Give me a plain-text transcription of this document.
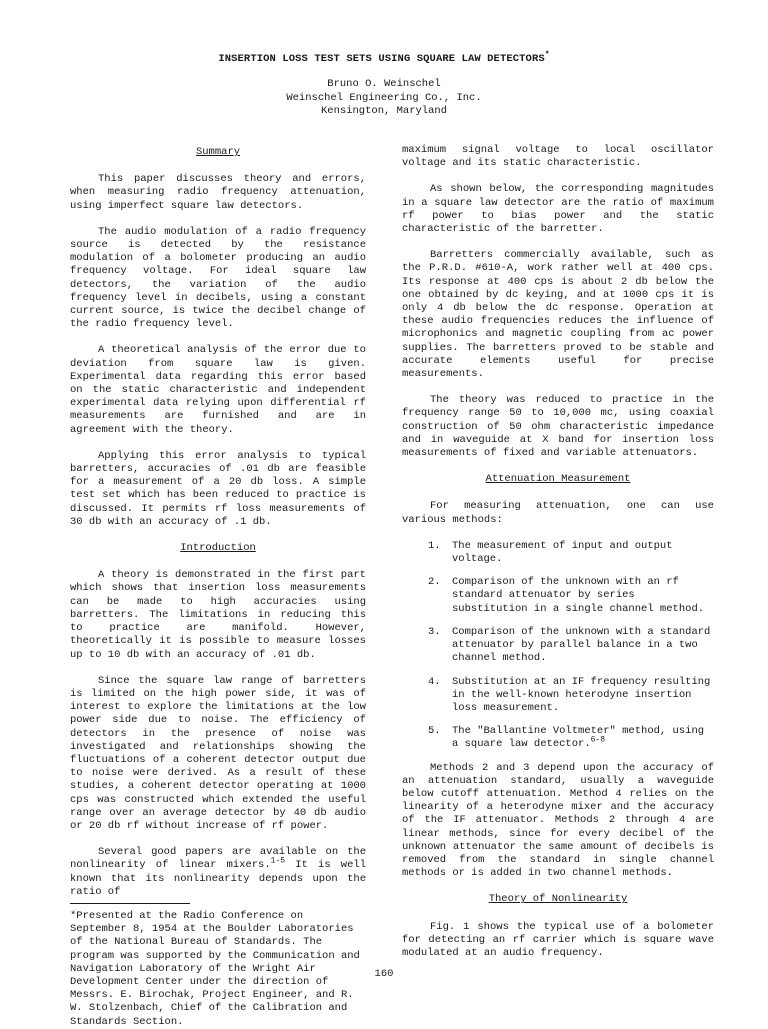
INSERTION LOSS TEST SETS USING SQUARE LAW DETECTORS*
Bruno O. Weinschel
Weinschel Engineering Co., Inc.
Kensington, Maryland
Summary

This paper discusses theory and errors, when measuring radio frequency attenuation, using imperfect square law detectors.

The audio modulation of a radio frequency source is detected by the resistance modulation of a bolometer producing an audio frequency voltage. For ideal square law detectors, the variation of the audio frequency level in decibels, using a constant current source, is twice the decibel change of the radio frequency level.

A theoretical analysis of the error due to deviation from square law is given. Experimental data regarding this error based on the static characteristic and independent experimental data relying upon differential rf measurements are furnished and are in agreement with the theory.

Applying this error analysis to typical barretters, accuracies of .01 db are feasible for a measurement of a 20 db loss. A simple test set which has been reduced to practice is discussed. It permits rf loss measurements of 30 db with an accuracy of .1 db.

Introduction

A theory is demonstrated in the first part which shows that insertion loss measurements can be made to high accuracies using barretters. The limitations in reducing this to practice are manifold. However, theoretically it is possible to measure losses up to 10 db with an accuracy of .01 db.

Since the square law range of barretters is limited on the high power side, it was of interest to explore the limitations at the low power side due to noise. The efficiency of detectors in the presence of noise was investigated and relationships showing the fluctuations of a coherent detector output due to noise were derived. As a result of these studies, a coherent detector operating at 1000 cps was constructed which extended the useful range over an average detector by 40 db audio or 20 db rf without increase of rf power.

Several good papers are available on the nonlinearity of linear mixers.$^{1-5}$ It is well known that its nonlinearity depends upon the ratio of

*Presented at the Radio Conference on September 8, 1954 at the Boulder Laboratories of the National Bureau of Standards. The program was supported by the Communication and Navigation Laboratory of the Wright Air Development Center under the direction of Messrs. E. Birochak, Project Engineer, and R. W. Stolzenbach, Chief of the Calibration and Standards Section.

maximum signal voltage to local oscillator voltage and its static characteristic.

As shown below, the corresponding magnitudes in a square law detector are the ratio of maximum rf power to bias power and the static characteristic of the barretter.

Barretters commercially available, such as the P.R.D. #610-A, work rather well at 400 cps. Its response at 400 cps is about 2 db below the one obtained by dc keying, and at 1000 cps it is only 4 db below the dc response. Operation at these audio frequencies reduces the influence of microphonics and magnetic coupling from ac power supplies. The barretters proved to be stable and accurate elements useful for precise measurements.

The theory was reduced to practice in the frequency range 50 to 10,000 mc, using coaxial construction of 50 ohm characteristic impedance and in waveguide at X band for insertion loss measurements of fixed and variable attenuators.

Attenuation Measurement

For measuring attenuation, one can use various methods:

1.	The measurement of input and output voltage.
2.	Comparison of the unknown with an rf standard attenuator by series substitution in a single channel method.
3.	Comparison of the unknown with a standard attenuator by parallel balance in a two channel method.
4.	Substitution at an IF frequency resulting in the well-known heterodyne insertion loss measurement.
5.	The "Ballantine Voltmeter" method, using a square law detector.$^{6-8}$

Methods 2 and 3 depend upon the accuracy of an attenuation standard, usually a waveguide below cutoff attenuation. Method 4 relies on the linearity of a heterodyne mixer and the accuracy of the IF attenuator. Methods 2 through 4 are linear methods, since for every decibel of the unknown attenuator the same amount of decibels is removed from the standard in single channel methods or is added in two channel methods.

Theory of Nonlinearity

Fig. 1 shows the typical use of a bolometer for detecting an rf carrier which is square wave modulated at an audio frequency.

160
